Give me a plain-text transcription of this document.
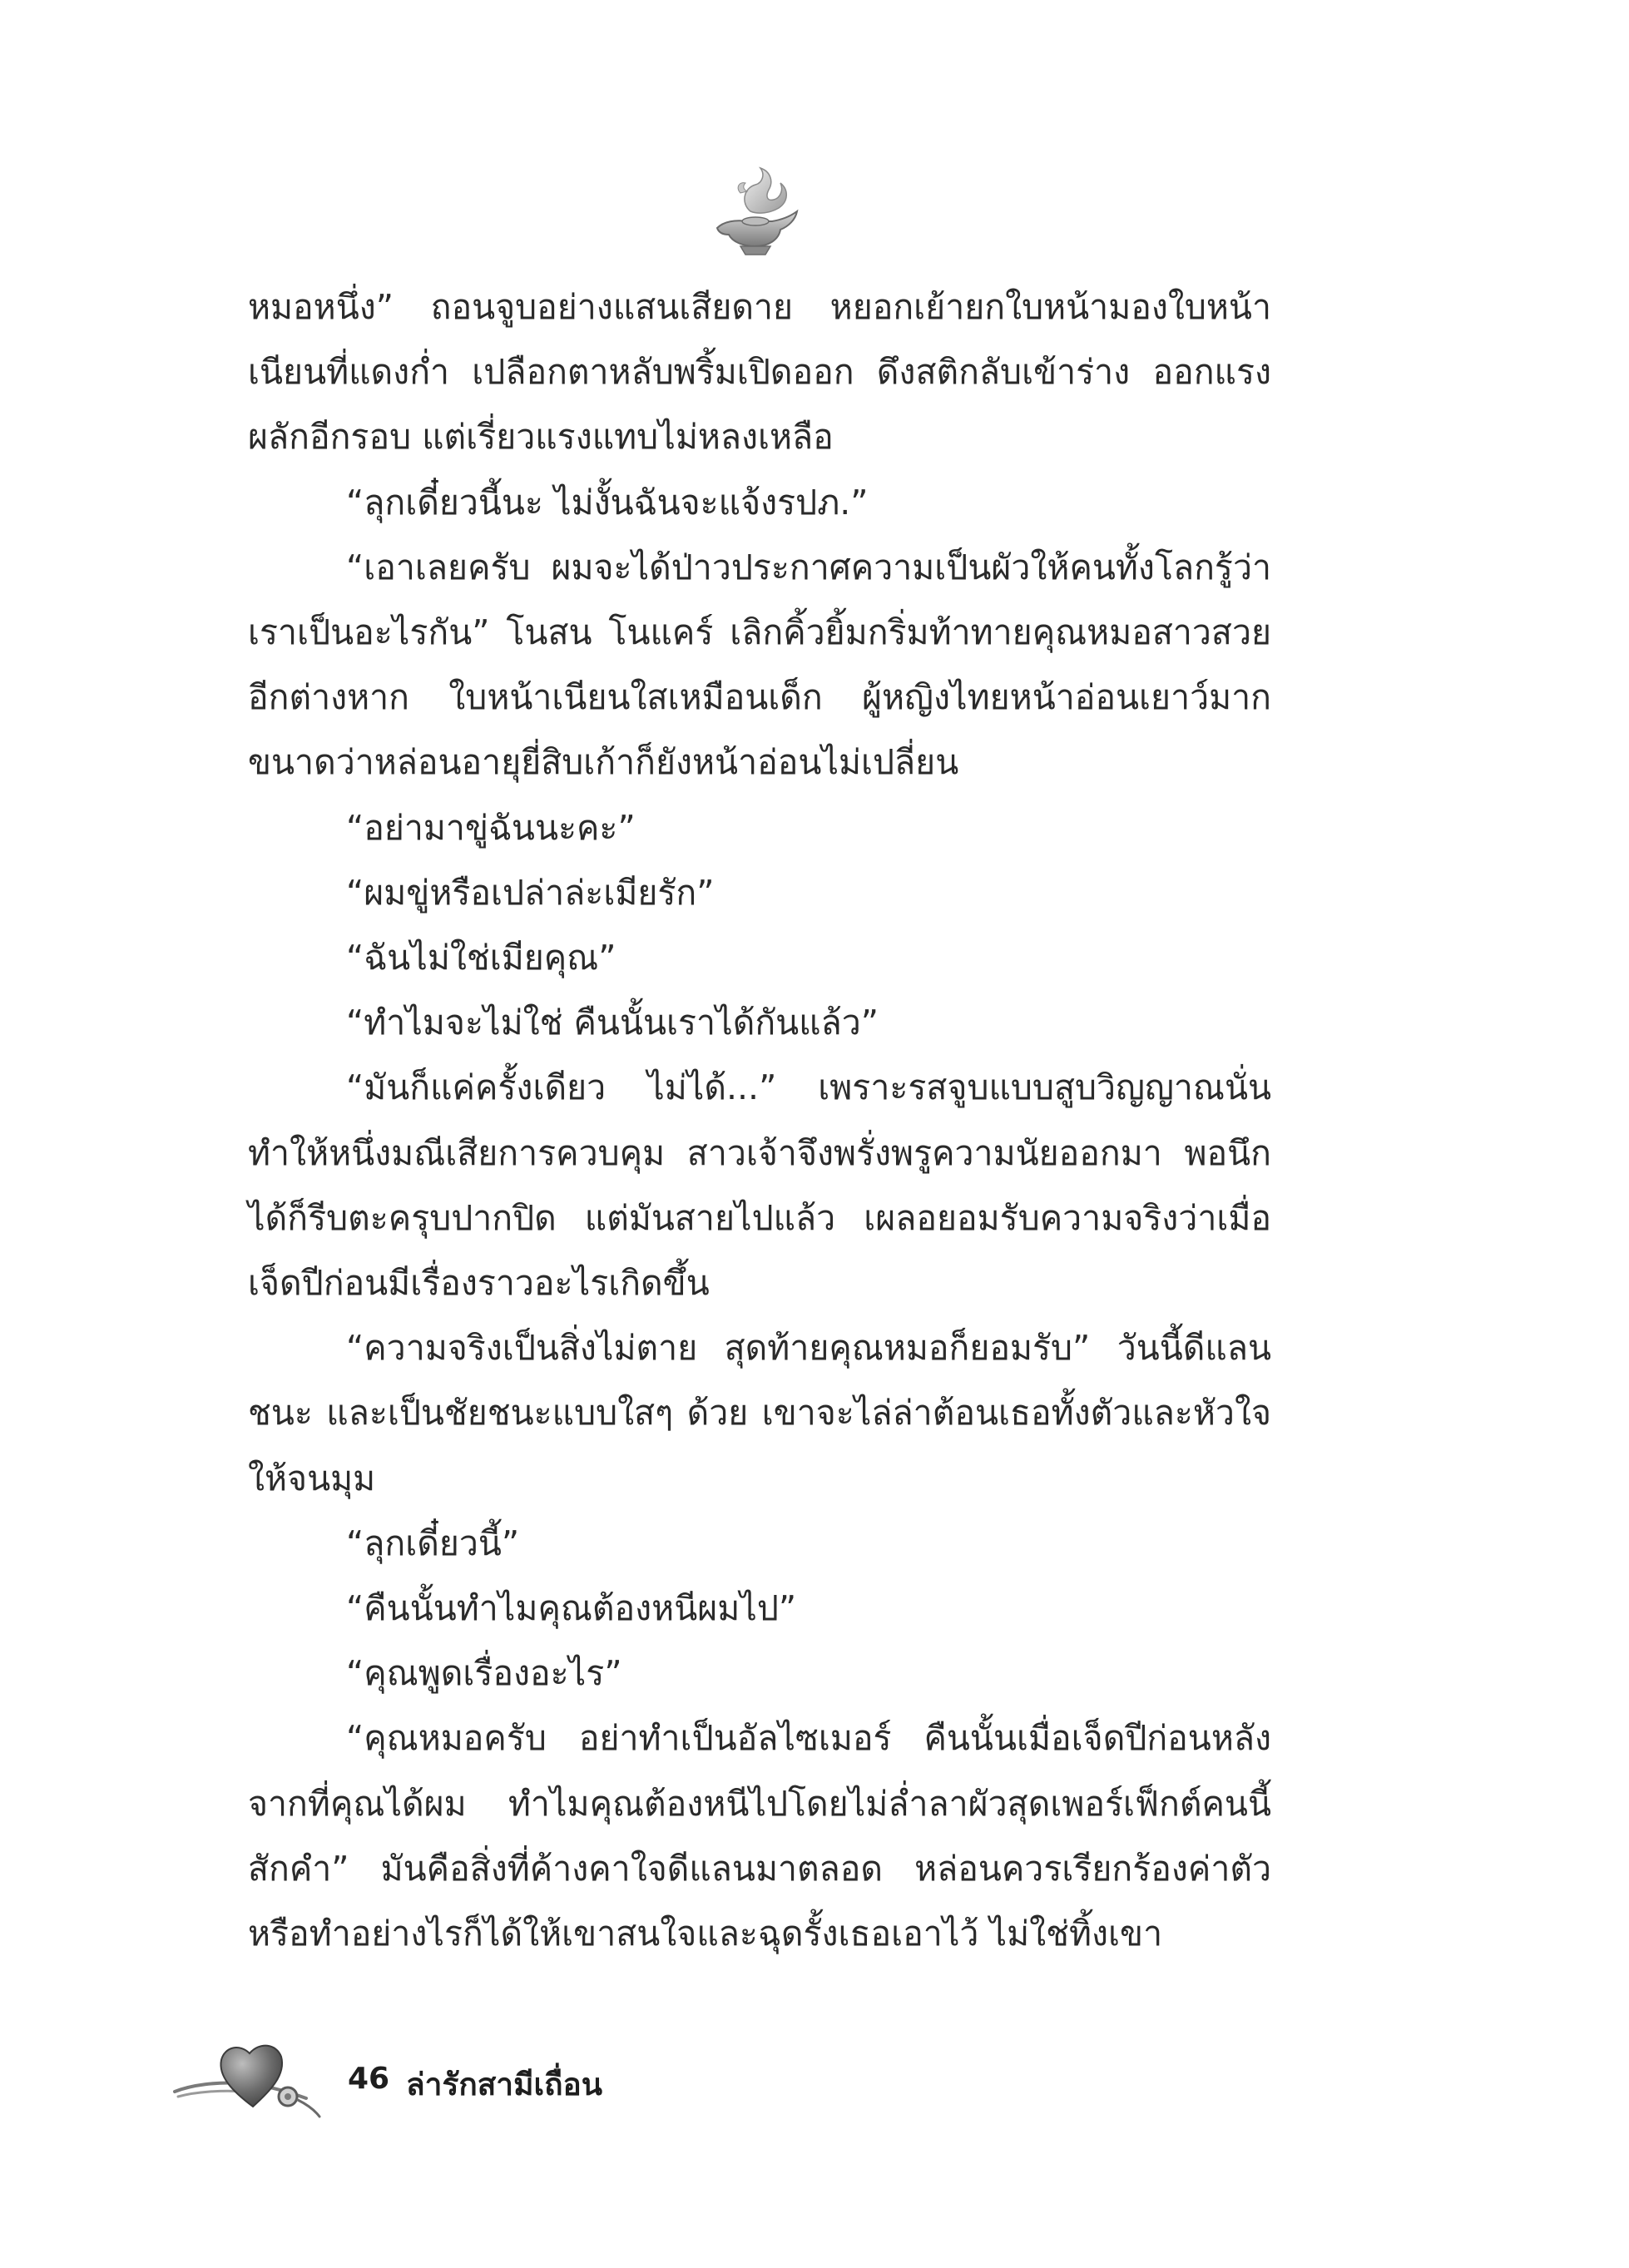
หมอหนึ่ง” ถอนจูบอย่างแสนเสียดาย หยอกเย้ายกใบหน้ามองใบหน้าเนียนที่แดงก่ำ เปลือกตาหลับพริ้มเปิดออก ดึงสติกลับเข้าร่าง ออกแรงผลักอีกรอบ แต่เรี่ยวแรงแทบไม่หลงเหลือ

“ลุกเดี๋ยวนี้นะ ไม่งั้นฉันจะแจ้งรปภ.”

“เอาเลยครับ ผมจะได้ป่าวประกาศความเป็นผัวให้คนทั้งโลกรู้ว่าเราเป็นอะไรกัน” โนสน โนแคร์ เลิกคิ้วยิ้มกริ่มท้าทายคุณหมอสาวสวยอีกต่างหาก ใบหน้าเนียนใสเหมือนเด็ก ผู้หญิงไทยหน้าอ่อนเยาว์มากขนาดว่าหล่อนอายุยี่สิบเก้าก็ยังหน้าอ่อนไม่เปลี่ยน

“อย่ามาขู่ฉันนะคะ”

“ผมขู่หรือเปล่าล่ะเมียรัก”

“ฉันไม่ใช่เมียคุณ”

“ทำไมจะไม่ใช่ คืนนั้นเราได้กันแล้ว”

“มันก็แค่ครั้งเดียว ไม่ได้...” เพราะรสจูบแบบสูบวิญญาณนั่นทำให้หนึ่งมณีเสียการควบคุม สาวเจ้าจึงพรั่งพรูความนัยออกมา พอนึกได้ก็รีบตะครุบปากปิด แต่มันสายไปแล้ว เผลอยอมรับความจริงว่าเมื่อเจ็ดปีก่อนมีเรื่องราวอะไรเกิดขึ้น

“ความจริงเป็นสิ่งไม่ตาย สุดท้ายคุณหมอก็ยอมรับ” วันนี้ดีแลนชนะ และเป็นชัยชนะแบบใสๆ ด้วย เขาจะไล่ล่าต้อนเธอทั้งตัวและหัวใจให้จนมุม

“ลุกเดี๋ยวนี้”

“คืนนั้นทำไมคุณต้องหนีผมไป”

“คุณพูดเรื่องอะไร”

“คุณหมอครับ อย่าทำเป็นอัลไซเมอร์ คืนนั้นเมื่อเจ็ดปีก่อนหลังจากที่คุณได้ผม ทำไมคุณต้องหนีไปโดยไม่ล่ำลาผัวสุดเพอร์เฟ็กต์คนนี้สักคำ” มันคือสิ่งที่ค้างคาใจดีแลนมาตลอด หล่อนควรเรียกร้องค่าตัว หรือทำอย่างไรก็ได้ให้เขาสนใจและฉุดรั้งเธอเอาไว้ ไม่ใช่ทิ้งเขา

46 ล่ารักสามีเถื่อน
